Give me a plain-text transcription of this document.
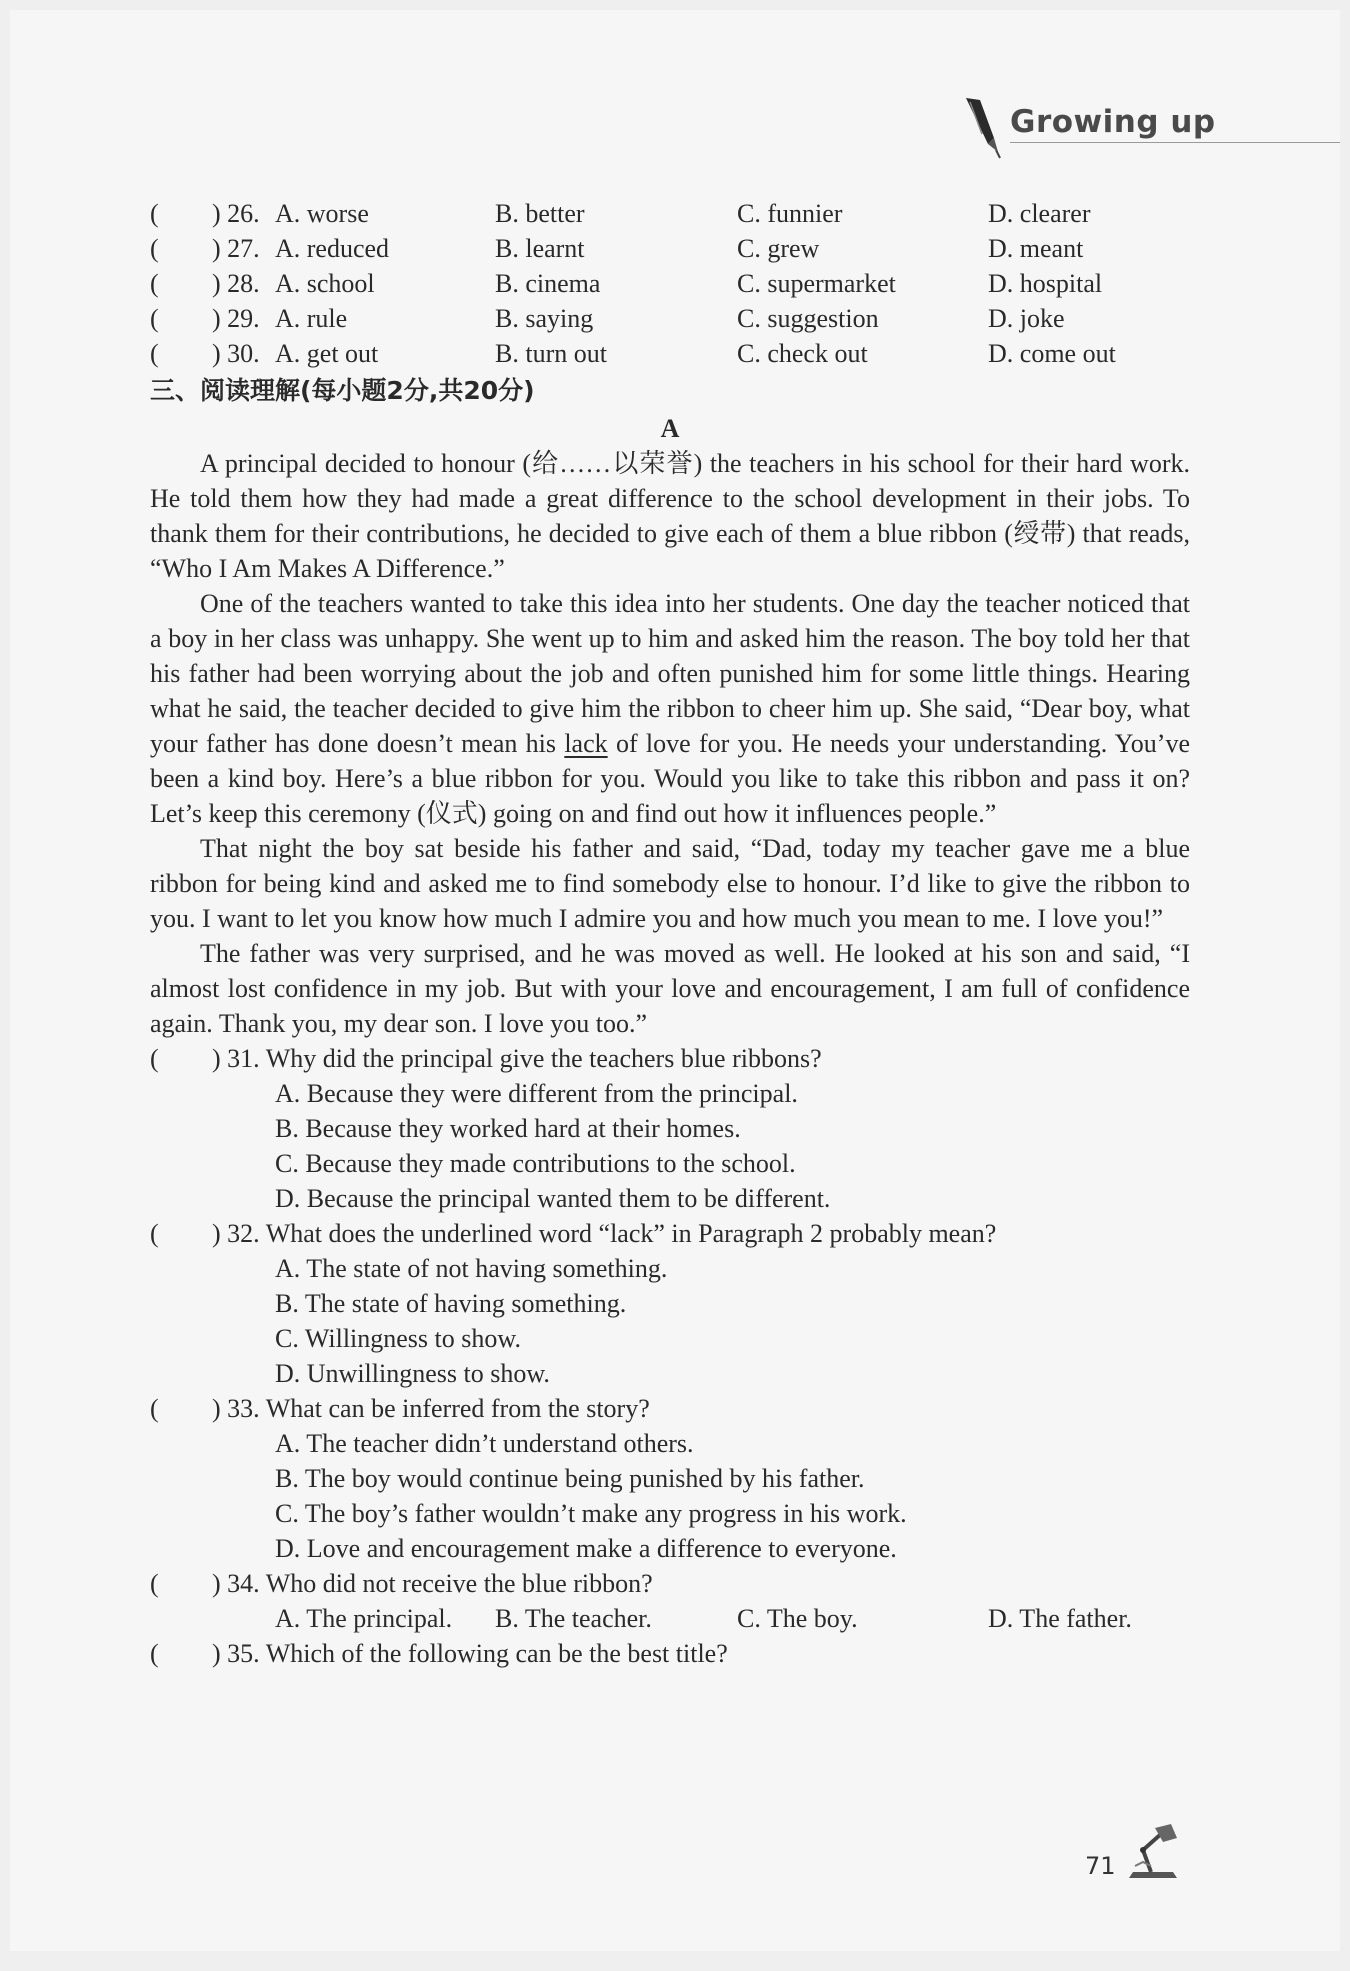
Growing up
( ) 26. A. worse	B. better	C. funnier	D. clearer
( ) 27. A. reduced	B. learnt	C. grew	D. meant
( ) 28. A. school	B. cinema	C. supermarket	D. hospital
( ) 29. A. rule	B. saying	C. suggestion	D. joke
( ) 30. A. get out	B. turn out	C. check out	D. come out
三、阅读理解(每小题2分,共20分)
A

A principal decided to honour (给……以荣誉) the teachers in his school for their hard work. He told them how they had made a great difference to the school development in their jobs. To thank them for their contributions, he decided to give each of them a blue ribbon (绶带) that reads, “Who I Am Makes A Difference.”

One of the teachers wanted to take this idea into her students. One day the teacher noticed that a boy in her class was unhappy. She went up to him and asked him the reason. The boy told her that his father had been worrying about the job and often punished him for some little things. Hearing what he said, the teacher decided to give him the ribbon to cheer him up. She said, “Dear boy, what your father has done doesn’t mean his lack of love for you. He needs your understanding. You’ve been a kind boy. Here’s a blue ribbon for you. Would you like to take this ribbon and pass it on? Let’s keep this ceremony (仪式) going on and find out how it influences people.”

That night the boy sat beside his father and said, “Dad, today my teacher gave me a blue ribbon for being kind and asked me to find somebody else to honour. I’d like to give the ribbon to you. I want to let you know how much I admire you and how much you mean to me. I love you!”

The father was very surprised, and he was moved as well. He looked at his son and said, “I almost lost confidence in my job. But with your love and encouragement, I am full of confidence again. Thank you, my dear son. I love you too.”

( ) 31. Why did the principal give the teachers blue ribbons?
A. Because they were different from the principal.
B. Because they worked hard at their homes.
C. Because they made contributions to the school.
D. Because the principal wanted them to be different.
( ) 32. What does the underlined word “lack” in Paragraph 2 probably mean?
A. The state of not having something.
B. The state of having something.
C. Willingness to show.
D. Unwillingness to show.
( ) 33. What can be inferred from the story?
A. The teacher didn’t understand others.
B. The boy would continue being punished by his father.
C. The boy’s father wouldn’t make any progress in his work.
D. Love and encouragement make a difference to everyone.
( ) 34. Who did not receive the blue ribbon?
A. The principal. B. The teacher.	C. The boy.	D. The father.
( ) 35. Which of the following can be the best title?
71
